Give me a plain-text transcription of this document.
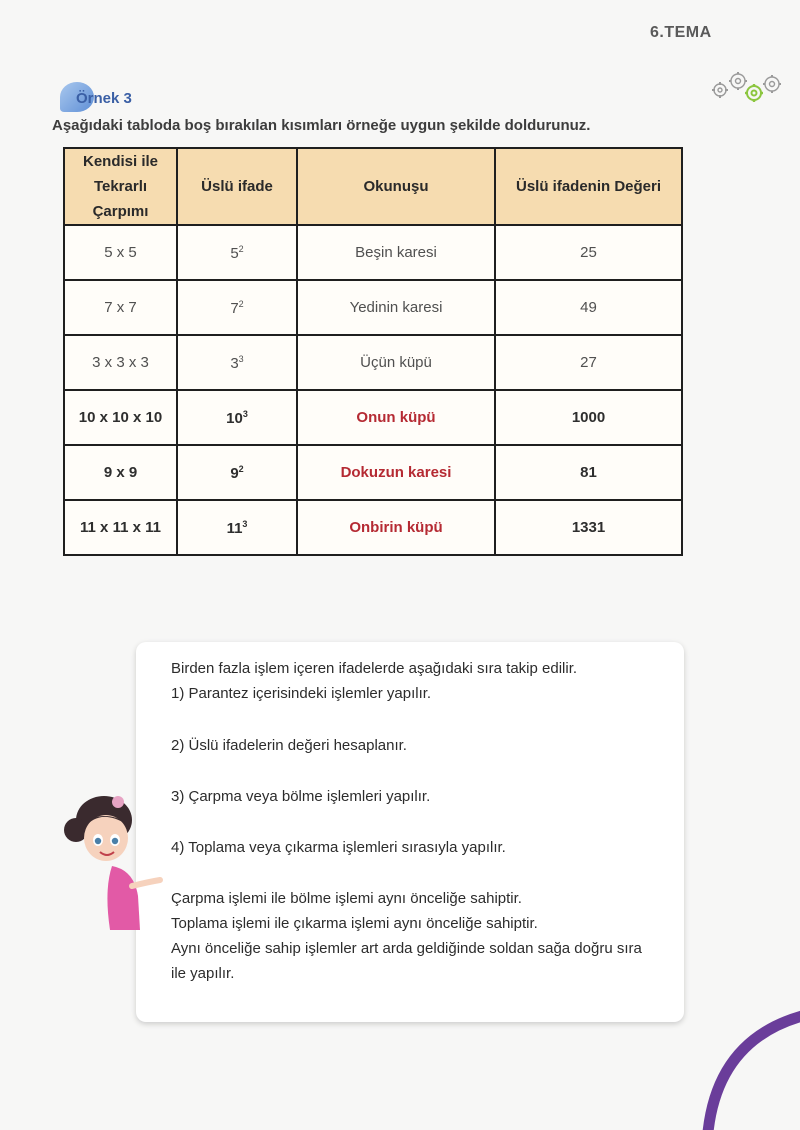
6.TEMA
Örnek 3
Aşağıdaki tabloda boş bırakılan kısımları örneğe uygun şekilde doldurunuz.
Kendisi ile Tekrarlı Çarpımı	Üslü ifade	Okunuşu	Üslü ifadenin Değeri
5 x 5	$5^2$	Beşin karesi	25
7 x 7	$7^2$	Yedinin karesi	49
3 x 3 x 3	$3^3$	Üçün küpü	27
10 x 10 x 10	$10^3$	Onun küpü	1000
9 x 9	$9^2$	Dokuzun karesi	81
11 x 11 x 11	$11^3$	Onbirin küpü	1331
Birden fazla işlem içeren ifadelerde aşağıdaki sıra takip edilir.
1) Parantez içerisindeki işlemler yapılır.
2) Üslü ifadelerin değeri hesaplanır.
3) Çarpma veya bölme işlemleri yapılır.
4) Toplama veya çıkarma işlemleri sırasıyla yapılır.
Çarpma işlemi ile bölme işlemi aynı önceliğe sahiptir.
Toplama işlemi ile çıkarma işlemi aynı önceliğe sahiptir.
Aynı önceliğe sahip işlemler art arda geldiğinde soldan sağa doğru sıra
ile yapılır.
